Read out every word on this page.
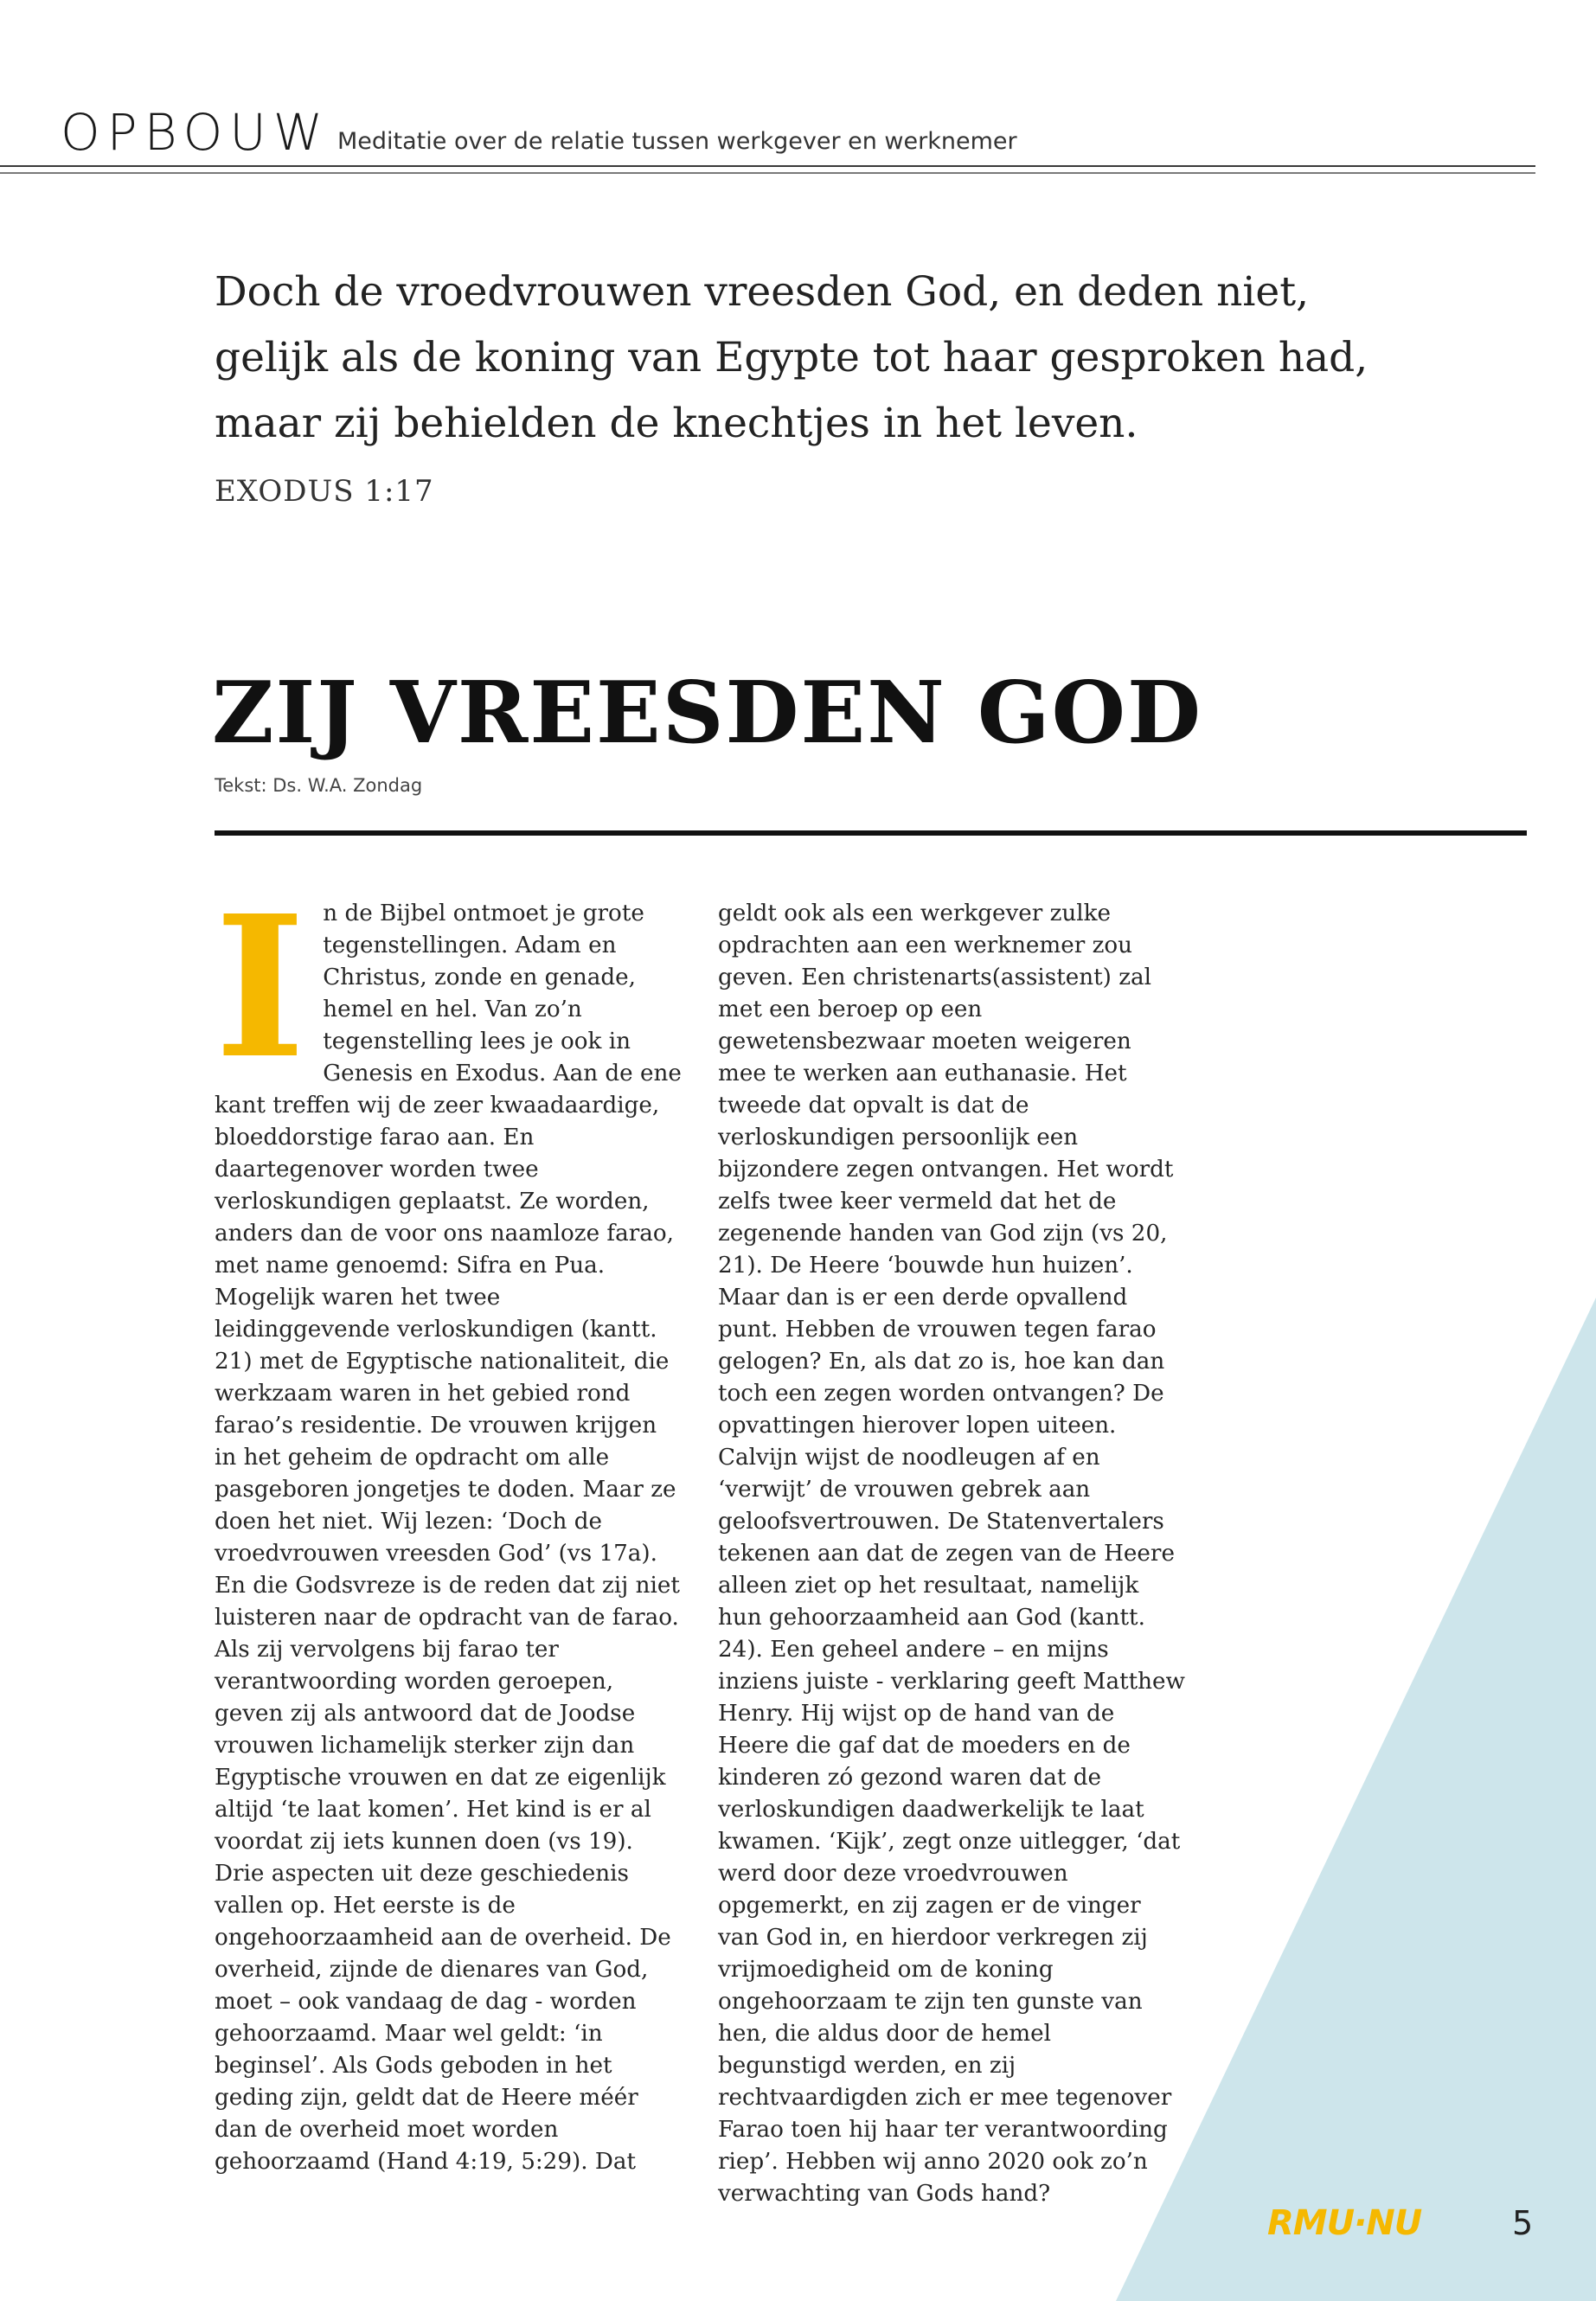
OPBOUW Meditatie over de relatie tussen werkgever en werknemer
Doch de vroedvrouwen vreesden God, en deden niet, gelijk als de koning van Egypte tot haar gesproken had, maar zij behielden de knechtjes in het leven.
EXODUS 1:17
ZIJ VREESDEN GOD
Tekst: Ds. W.A. Zondag
I n de Bijbel ontmoet je grote tegenstellingen. Adam en Christus, zonde en genade, hemel en hel. Van zo’n tegenstelling lees je ook in Genesis en Exodus. Aan de ene kant treffen wij de zeer kwaadaardige, bloeddorstige farao aan. En daartegenover worden twee verloskundigen geplaatst. Ze worden, anders dan de voor ons naamloze farao, met name genoemd: Sifra en Pua. Mogelijk waren het twee leidinggevende verloskundigen (kantt. 21) met de Egyptische nationaliteit, die werkzaam waren in het gebied rond farao’s residentie. De vrouwen krijgen in het geheim de opdracht om alle pasgeboren jongetjes te doden. Maar ze doen het niet. Wij lezen: ‘Doch de vroedvrouwen vreesden God’ (vs 17a). En die Godsvreze is de reden dat zij niet luisteren naar de opdracht van de farao.

Als zij vervolgens bij farao ter verantwoording worden geroepen, geven zij als antwoord dat de Joodse vrouwen lichamelijk sterker zijn dan Egyptische vrouwen en dat ze eigenlijk altijd ‘te laat komen’. Het kind is er al voordat zij iets kunnen doen (vs 19). Drie aspecten uit deze geschiedenis vallen op. Het eerste is de ongehoorzaamheid aan de overheid. De overheid, zijnde de dienares van God, moet – ook vandaag de dag - worden gehoorzaamd. Maar wel geldt: ‘in beginsel’. Als Gods geboden in het geding zijn, geldt dat de Heere méér dan de overheid moet worden gehoorzaamd (Hand 4:19, 5:29). Dat

geldt ook als een werkgever zulke opdrachten aan een werknemer zou geven. Een christenarts(assistent) zal met een beroep op een gewetensbezwaar moeten weigeren mee te werken aan euthanasie. Het tweede dat opvalt is dat de verloskundigen persoonlijk een bijzondere zegen ontvangen. Het wordt zelfs twee keer vermeld dat het de zegenende handen van God zijn (vs 20, 21). De Heere ‘bouwde hun huizen’. Maar dan is er een derde opvallend punt. Hebben de vrouwen tegen farao gelogen? En, als dat zo is, hoe kan dan toch een zegen worden ontvangen? De opvattingen hierover lopen uiteen. Calvijn wijst de noodleugen af en ‘verwijt’ de vrouwen gebrek aan geloofsvertrouwen. De Statenvertalers tekenen aan dat de zegen van de Heere alleen ziet op het resultaat, namelijk hun gehoorzaamheid aan God (kantt. 24). Een geheel andere – en mijns inziens juiste - verklaring geeft Matthew Henry. Hij wijst op de hand van de Heere die gaf dat de moeders en de kinderen zó gezond waren dat de verloskundigen daadwerkelijk te laat kwamen. ‘Kijk’, zegt onze uitlegger, ‘dat werd door deze vroedvrouwen opgemerkt, en zij zagen er de vinger van God in, en hierdoor verkregen zij vrijmoedigheid om de koning ongehoorzaam te zijn ten gunste van hen, die aldus door de hemel begunstigd werden, en zij rechtvaardigden zich er mee tegenover Farao toen hij haar ter verantwoording riep’. Hebben wij anno 2020 ook zo’n verwachting van Gods hand?

RMU·NU	5
